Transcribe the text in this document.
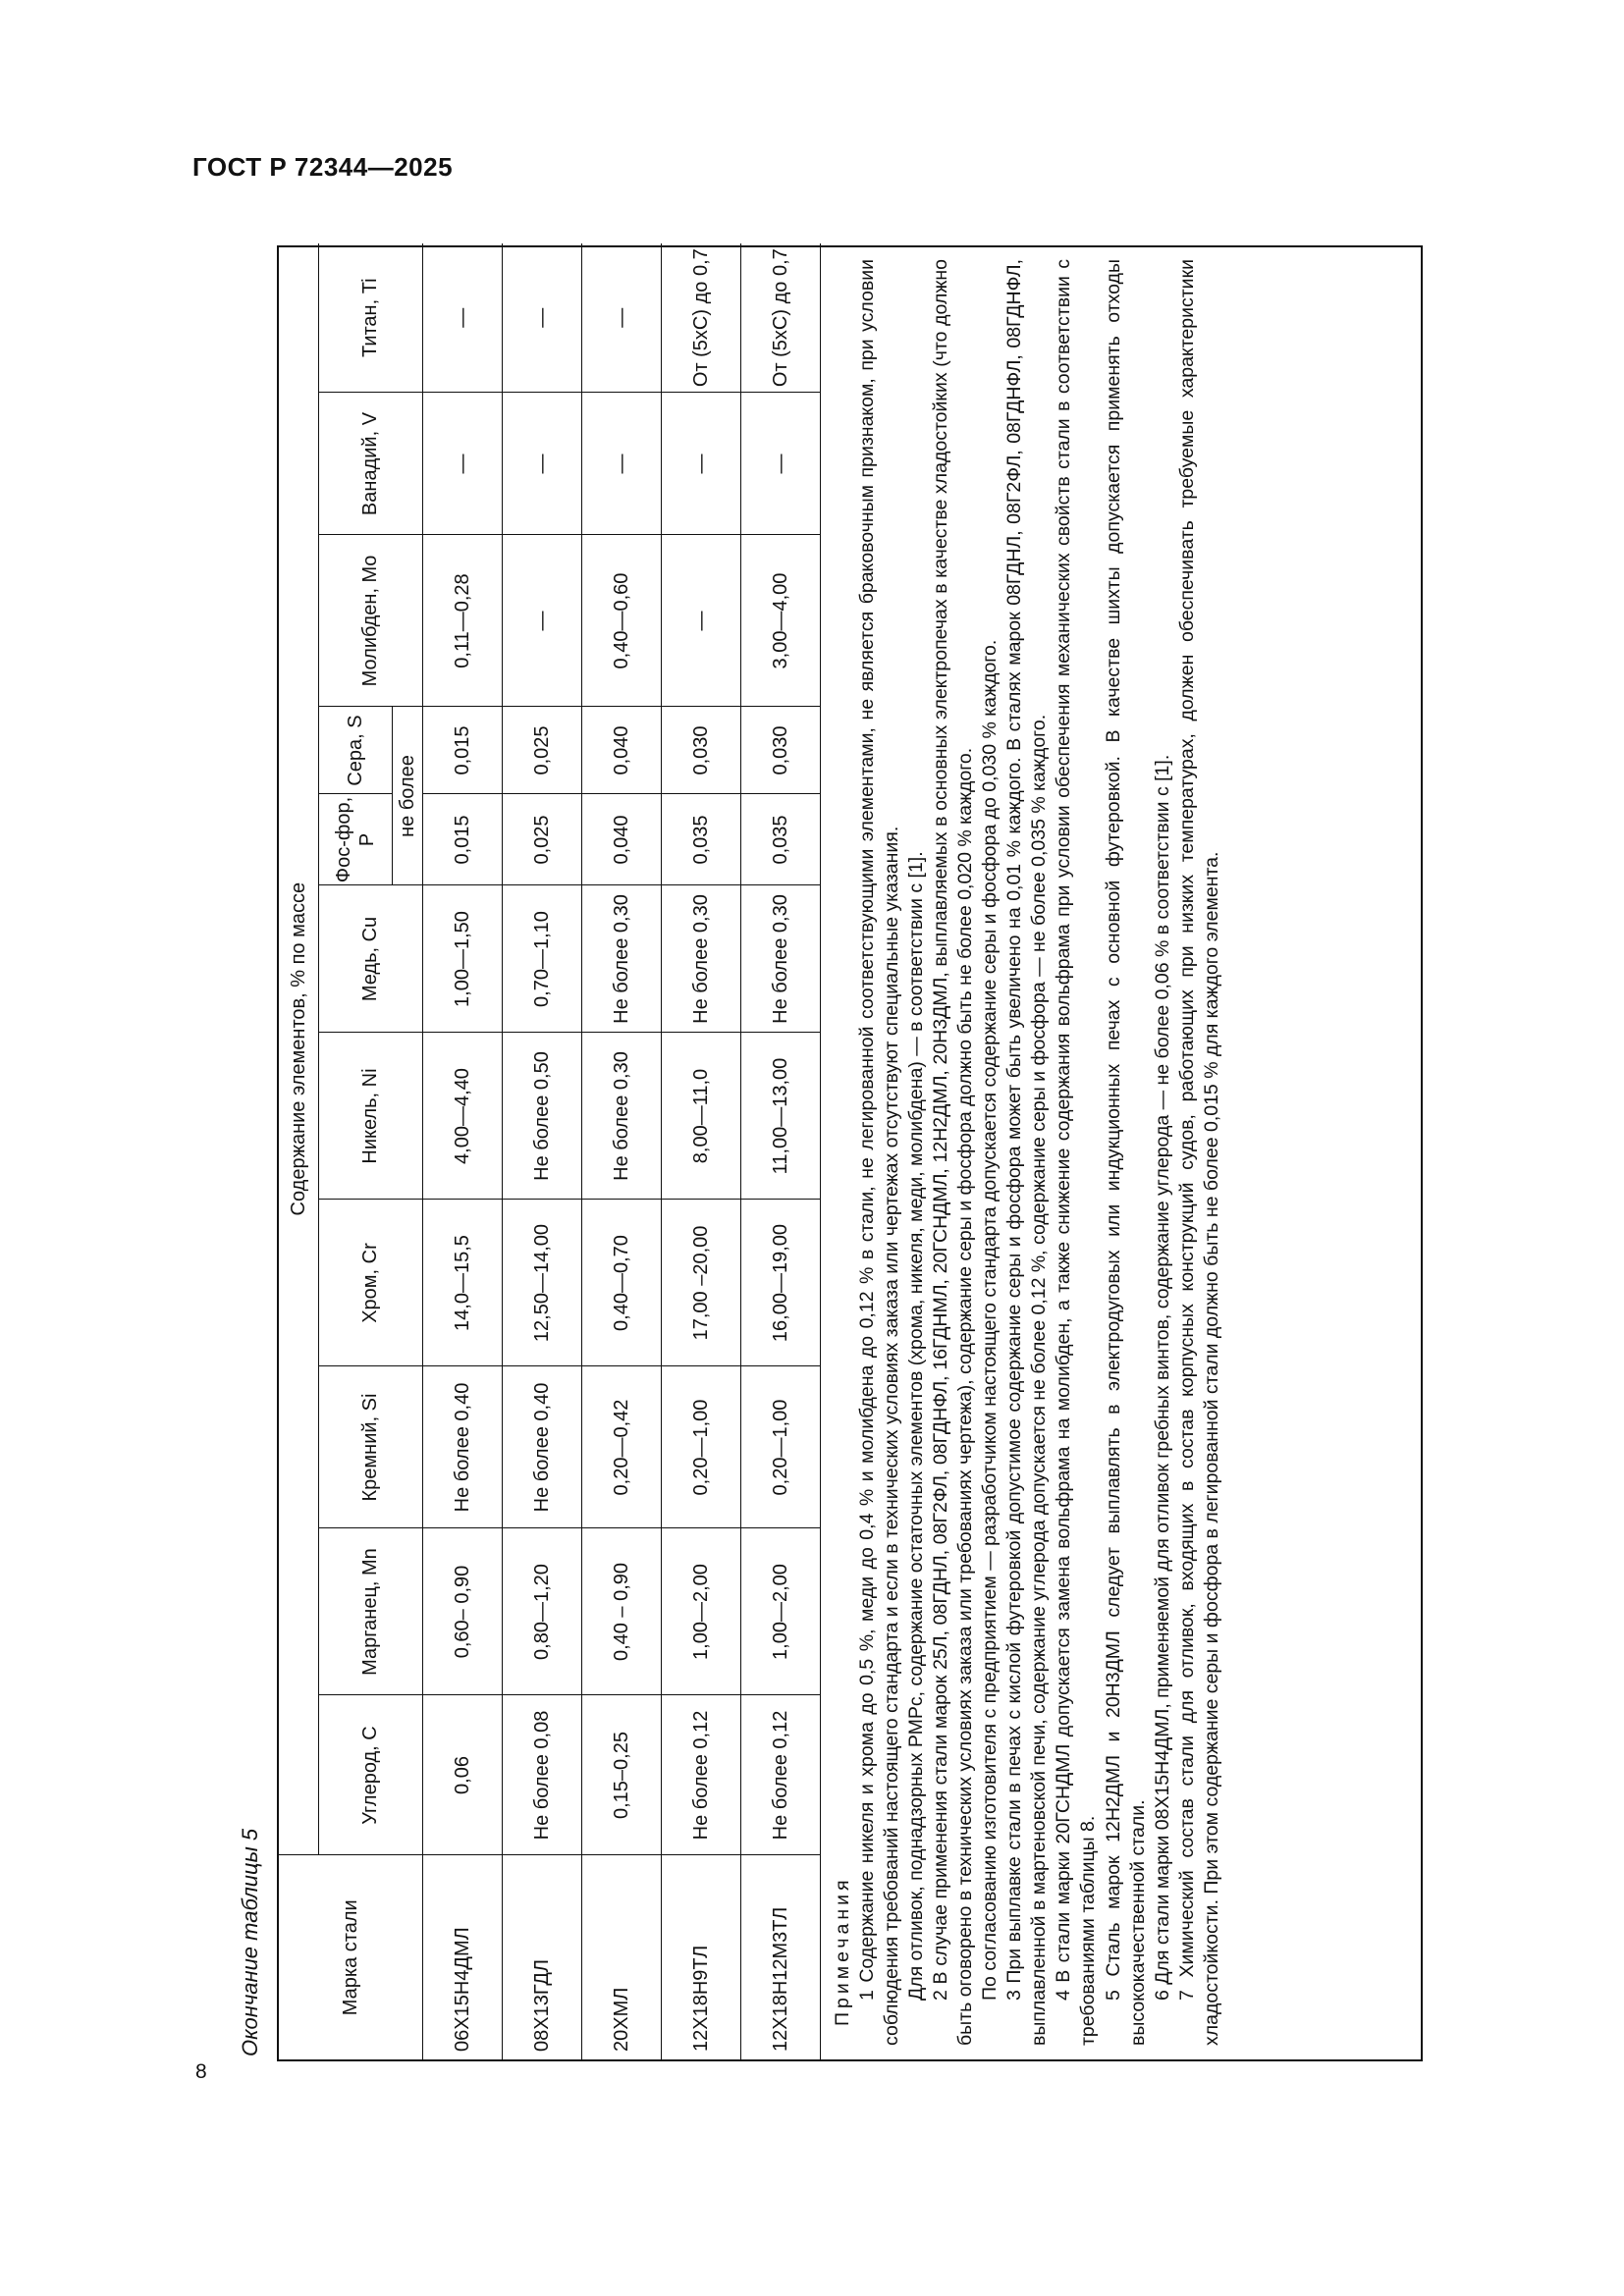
ГОСТ Р 72344—2025
8
Окончание таблицы 5	Марка стали	Содержание элементов, % по массе										
	Углерод, С	Марганец, Mn	Кремний, Si	Хром, Cr	Никель, Ni	Медь, Cu	Фос-фор, Р	Сера, S	Молибден, Mo	Ванадий, V	Титан, Ti
							не более				
06Х15Н4ДМЛ	0,06	0,60– 0,90	Не более 0,40	14,0—15,5	4,00—4,40	1,00—1,50	0,015	0,015	0,11—0,28	—	—
08Х13ГДЛ	Не более 0,08	0,80—1,20	Не более 0,40	12,50—14,00	Не более 0,50	0,70—1,10	0,025	0,025	—	—	—
20ХМЛ	0,15–0,25	0,40 – 0,90	0,20—0,42	0,40—0,70	Не более 0,30	Не более 0,30	0,040	0,040	0,40—0,60	—	—
12Х18Н9ТЛ	Не более 0,12	1,00—2,00	0,20—1,00	17,00 –20,00	8,00—11,0	Не более 0,30	0,035	0,030	—	—	От (5хС) до 0,7
12Х18Н12М3ТЛ	Не более 0,12	1,00—2,00	0,20—1,00	16,00—19,00	11,00—13,00	Не более 0,30	0,035	0,030	3,00—4,00	—	От (5хС) до 0,7

Примечания 1 Содержание никеля и хрома до 0,5 %, меди до 0,4 % и молибдена до 0,12 % в стали, не легированной соответствующими элементами, не является браковочным признаком, при условии соблюдения требований настоящего стандарта и если в технических условиях заказа или чертежах отсутствуют специальные указания. Для отливок, поднадзорных РМРс, содержание остаточных элементов (хрома, никеля, меди, молибдена) — в соответствии с [1]. 2 В случае применения стали марок 25Л, 08ГДНЛ, 08Г2ФЛ, 08ГДНФЛ, 16ГДНМЛ, 20ГСНДМЛ, 12Н2ДМЛ, 20Н3ДМЛ, выплавляемых в основных электропечах в качестве хладостойких (что должно быть оговорено в технических условиях заказа или требованиях чертежа), содержание серы и фосфора должно быть не более 0,020 % каждого. По согласованию изготовителя с предприятием — разработчиком настоящего стандарта допускается содержание серы и фосфора до 0,030 % каждого. 3 При выплавке стали в печах с кислой футеровкой допустимое содержание серы и фосфора может быть увеличено на 0,01 % каждого. В сталях марок 08ГДНЛ, 08Г2ФЛ, 08ГДНФЛ, 08ГДНФЛ, выплавленной в мартеновской печи, содержание углерода допускается не более 0,12 %, содержание серы и фосфора — не более 0,035 % каждого. 4 В стали марки 20ГСНДМЛ допускается замена вольфрама на молибден, а также снижение содержания вольфрама при условии обеспечения механических свойств стали в соответствии с требованиями таблицы 8. 5 Сталь марок 12Н2ДМЛ и 20Н3ДМЛ следует выплавлять в электродуговых или индукционных печах с основной футеровкой. В качестве шихты допускается применять отходы высококачественной стали. 6 Для стали марки 08Х15Н4ДМЛ, применяемой для отливок гребных винтов, содержание углерода — не более 0,06 % в соответствии с [1]. 7 Химический состав стали для отливок, входящих в состав корпусных конструкций судов, работающих при низких температурах, должен обеспечивать требуемые характеристики хладостойкости. При этом содержание серы и фосфора в легированной стали должно быть не более 0,015 % для каждого элемента.
